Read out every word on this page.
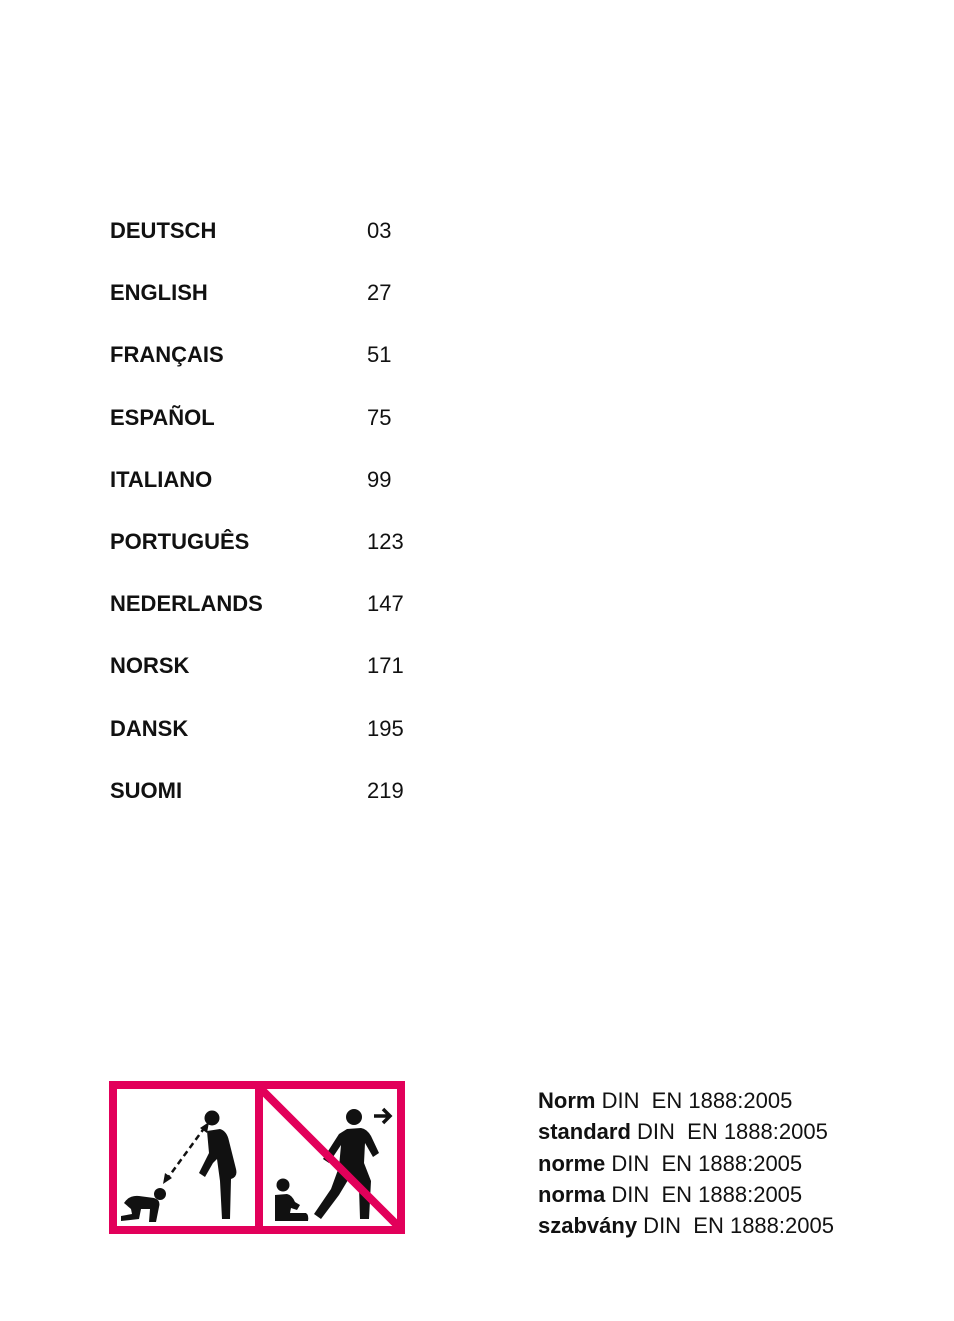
DEUTSCH	03
ENGLISH	27
FRANÇAIS	51
ESPAÑOL	75
ITALIANO	99
PORTUGUÊS	123
NEDERLANDS	147
NORSK	171
DANSK	195
SUOMI	219
Norm DIN  EN 1888:2005
standard DIN  EN 1888:2005
norme DIN  EN 1888:2005
norma DIN  EN 1888:2005
szabvány DIN  EN 1888:2005
